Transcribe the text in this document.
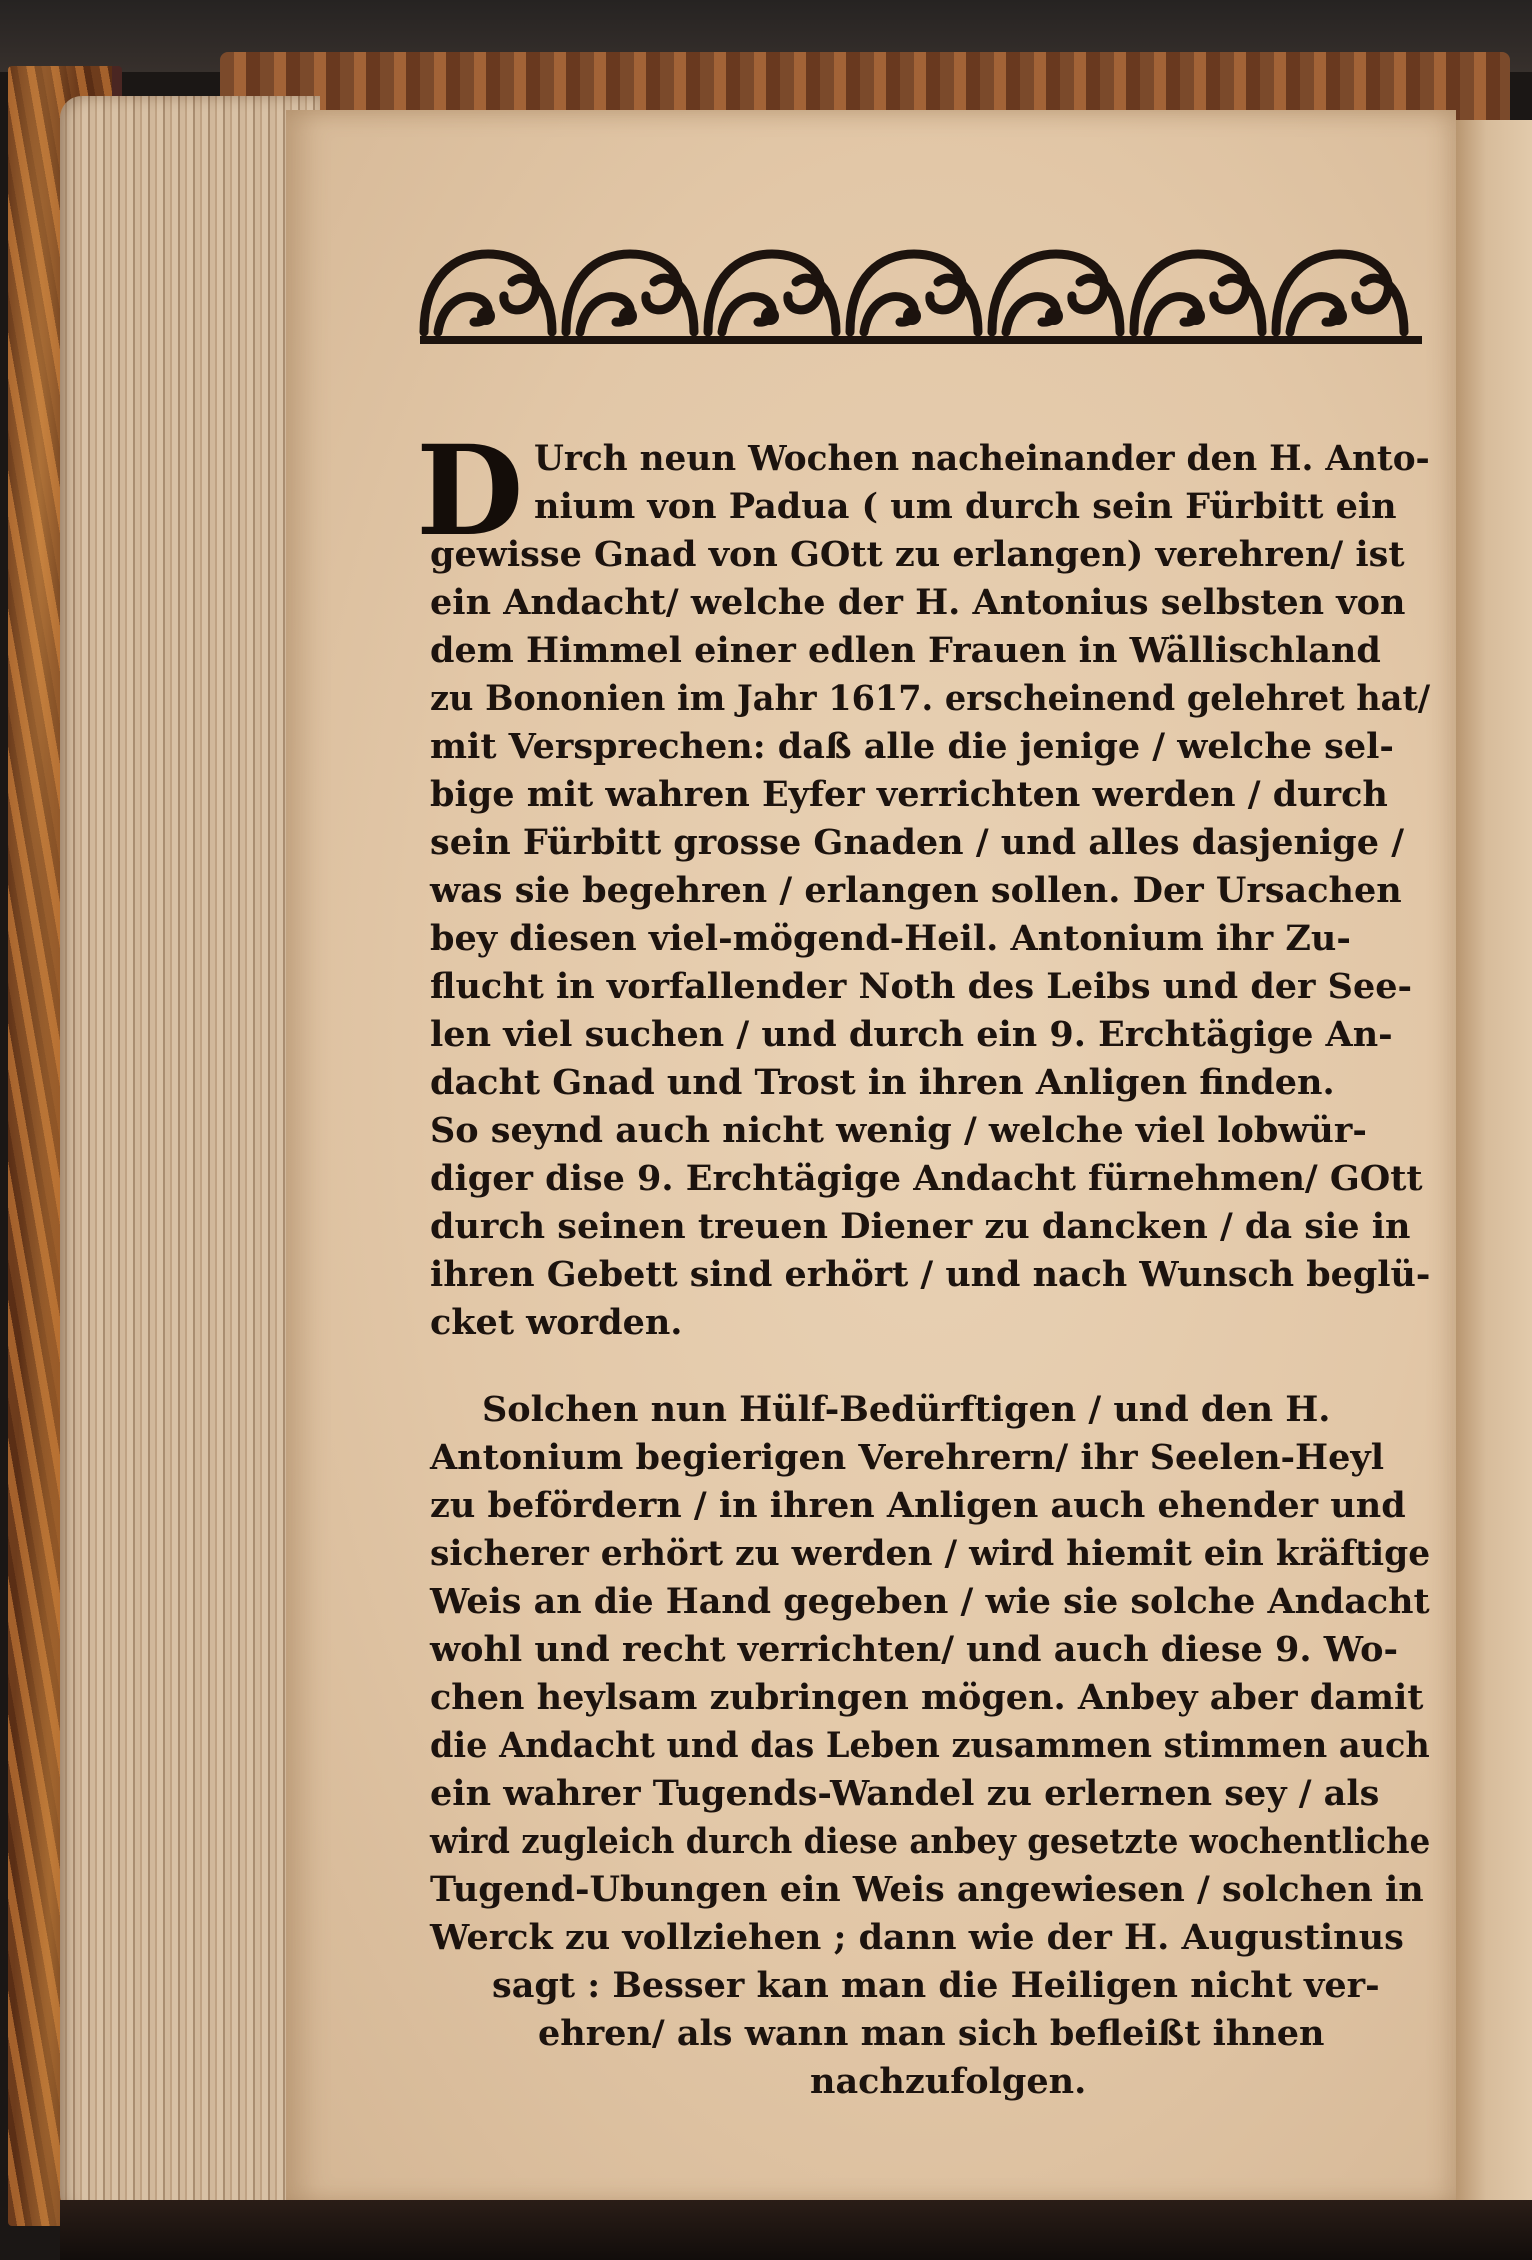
D Urch neun Wochen nacheinander den H. Anto-
nium von Padua ( um durch sein Fürbitt ein
gewisse Gnad von GOtt zu erlangen) verehren/ ist
ein Andacht/ welche der H. Antonius selbsten von
dem Himmel einer edlen Frauen in Wällischland
zu Bononien im Jahr 1617. erscheinend gelehret hat/
mit Versprechen: daß alle die jenige / welche sel-
bige mit wahren Eyfer verrichten werden / durch
sein Fürbitt grosse Gnaden / und alles dasjenige /
was sie begehren / erlangen sollen. Der Ursachen
bey diesen viel-mögend-Heil. Antonium ihr Zu-
flucht in vorfallender Noth des Leibs und der See-
len viel suchen / und durch ein 9. Erchtägige An-
dacht Gnad und Trost in ihren Anligen finden.
So seynd auch nicht wenig / welche viel lobwür-
diger dise 9. Erchtägige Andacht fürnehmen/ GOtt
durch seinen treuen Diener zu dancken / da sie in
ihren Gebett sind erhört / und nach Wunsch beglü-
cket worden.
Solchen nun Hülf-Bedürftigen / und den H.
Antonium begierigen Verehrern/ ihr Seelen-Heyl
zu befördern / in ihren Anligen auch ehender und
sicherer erhört zu werden / wird hiemit ein kräftige
Weis an die Hand gegeben / wie sie solche Andacht
wohl und recht verrichten/ und auch diese 9. Wo-
chen heylsam zubringen mögen. Anbey aber damit
die Andacht und das Leben zusammen stimmen auch
ein wahrer Tugends-Wandel zu erlernen sey / als
wird zugleich durch diese anbey gesetzte wochentliche
Tugend-Ubungen ein Weis angewiesen / solchen in
Werck zu vollziehen ; dann wie der H. Augustinus
sagt : Besser kan man die Heiligen nicht ver-
ehren/ als wann man sich befleißt ihnen
nachzufolgen.
